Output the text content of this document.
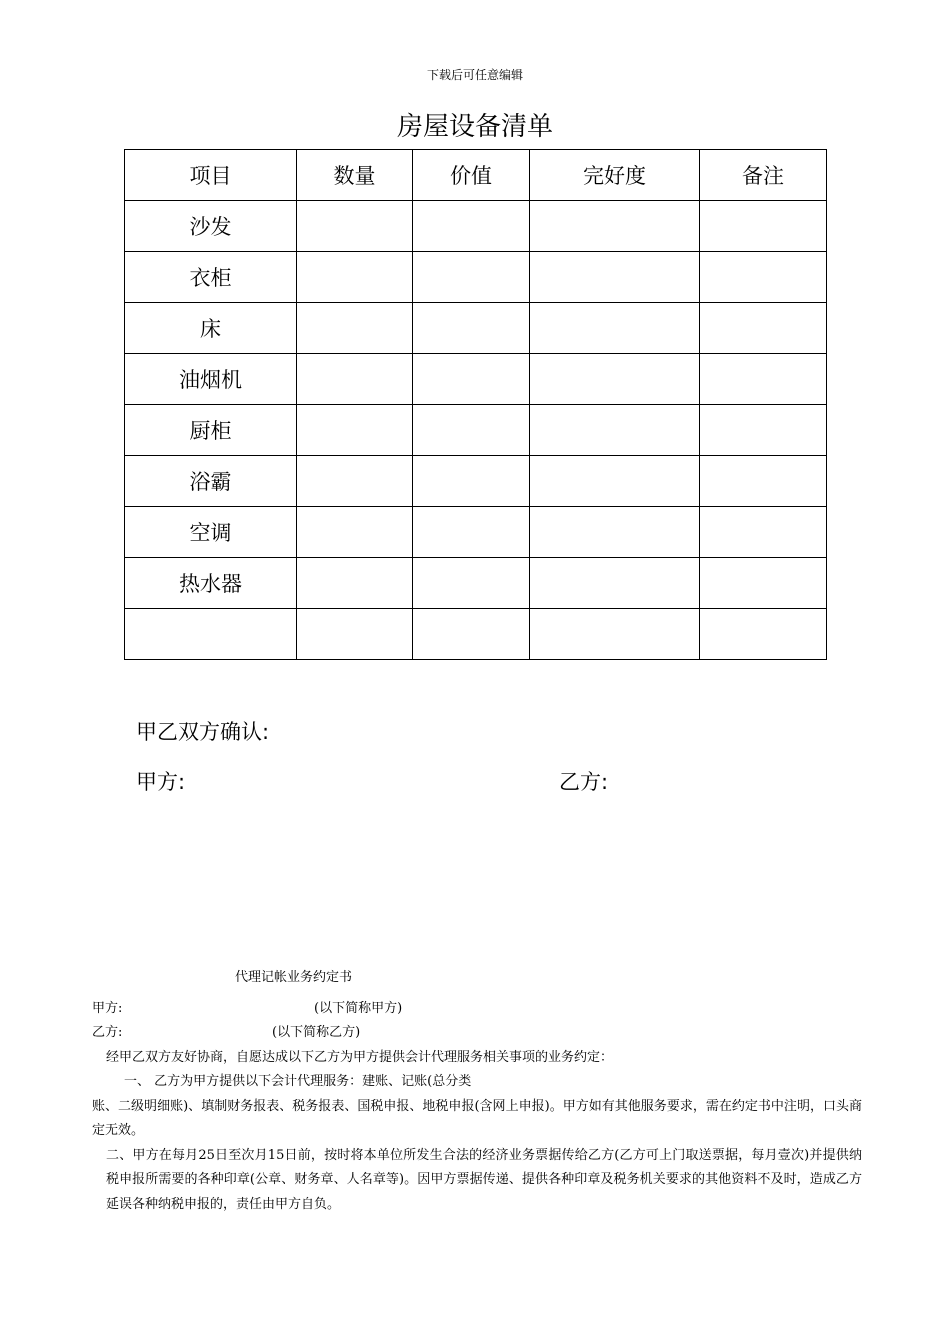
下载后可任意编辑
房屋设备清单
项目	数量	价值	完好度	备注
沙发				
衣柜				
床				
油烟机				
厨柜				
浴霸				
空调				
热水器				

甲乙双方确认:
甲方:	乙方:
代理记帐业务约定书
甲方:	(以下简称甲方)
乙方:	(以下简称乙方)
经甲乙双方友好协商，自愿达成以下乙方为甲方提供会计代理服务相关事项的业务约定：
一、 乙方为甲方提供以下会计代理服务：建账、记账(总分类
账、二级明细账)、填制财务报表、税务报表、国税申报、地税申报(含网上申报)。甲方如有其他服务要求，需在约定书中注明，口头商定无效。
二、甲方在每月25日至次月15日前，按时将本单位所发生合法的经济业务票据传给乙方(乙方可上门取送票据，每月壹次)并提供纳税申报所需要的各种印章(公章、财务章、人名章等)。因甲方票据传递、提供各种印章及税务机关要求的其他资料不及时，造成乙方延误各种纳税申报的，责任由甲方自负。
